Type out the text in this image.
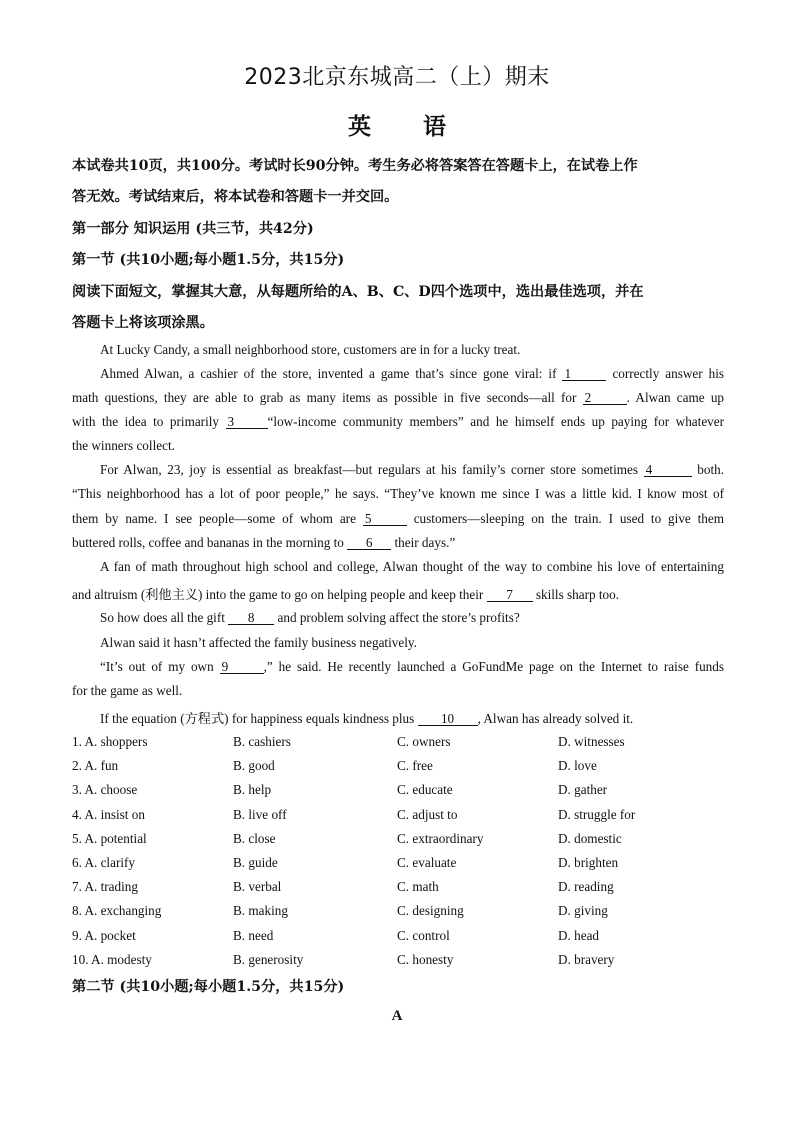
2023北京东城高二（上）期末
英 语
本试卷共10页，共100分。考试时长90分钟。考生务必将答案答在答题卡上，在试卷上作
答无效。考试结束后，将本试卷和答题卡一并交回。
第一部分 知识运用 (共三节，共42分)
第一节 (共10小题;每小题1.5分，共15分)
阅读下面短文，掌握其大意，从每题所给的A、B、C、D四个选项中，选出最佳选项，并在
答题卡上将该项涂黑。
At Lucky Candy, a small neighborhood store, customers are in for a lucky treat.
Ahmed Alwan, a cashier of the store, invented a game that’s since gone viral: if 1	correctly answer his
math questions, they are able to grab as many items as possible in five seconds—all for 2	. Alwan came up
with the idea to primarily 3	“low-income community members” and he himself ends up paying for whatever
the winners collect.
For Alwan, 23, joy is essential as breakfast—but regulars at his family’s corner store sometimes 4	both.
“This neighborhood has a lot of poor people,” he says. “They’ve known me since I was a little kid. I know most of
them by name. I see people—some of whom are 5	customers—sleeping on the train. I used to give them
buttered rolls, coffee and bananas in the morning to 6 their days.”
A fan of math throughout high school and college, Alwan thought of the way to combine his love of entertaining
and altruism (利他主义) into the game to go on helping people and keep their 7 skills sharp too.
So how does all the gift 8 and problem solving affect the store’s profits?
Alwan said it hasn’t affected the family business negatively.
“It’s out of my own 9	,” he said. He recently launched a GoFundMe page on the Internet to raise funds
for the game as well.
If the equation (方程式) for happiness equals kindness plus 10 , Alwan has already solved it.
1. A. shoppers	B. cashiers	C. owners	D. witnesses
2. A. fun	B. good	C. free	D. love
3. A. choose	B. help	C. educate	D. gather
4. A. insist on	B. live off	C. adjust to	D. struggle for
5. A. potential	B. close	C. extraordinary	D. domestic
6. A. clarify	B. guide	C. evaluate	D. brighten
7. A. trading	B. verbal	C. math	D. reading
8. A. exchanging	B. making	C. designing	D. giving
9. A. pocket	B. need	C. control	D. head
10. A. modesty	B. generosity	C. honesty	D. bravery
第二节 (共10小题;每小题1.5分，共15分)
A
